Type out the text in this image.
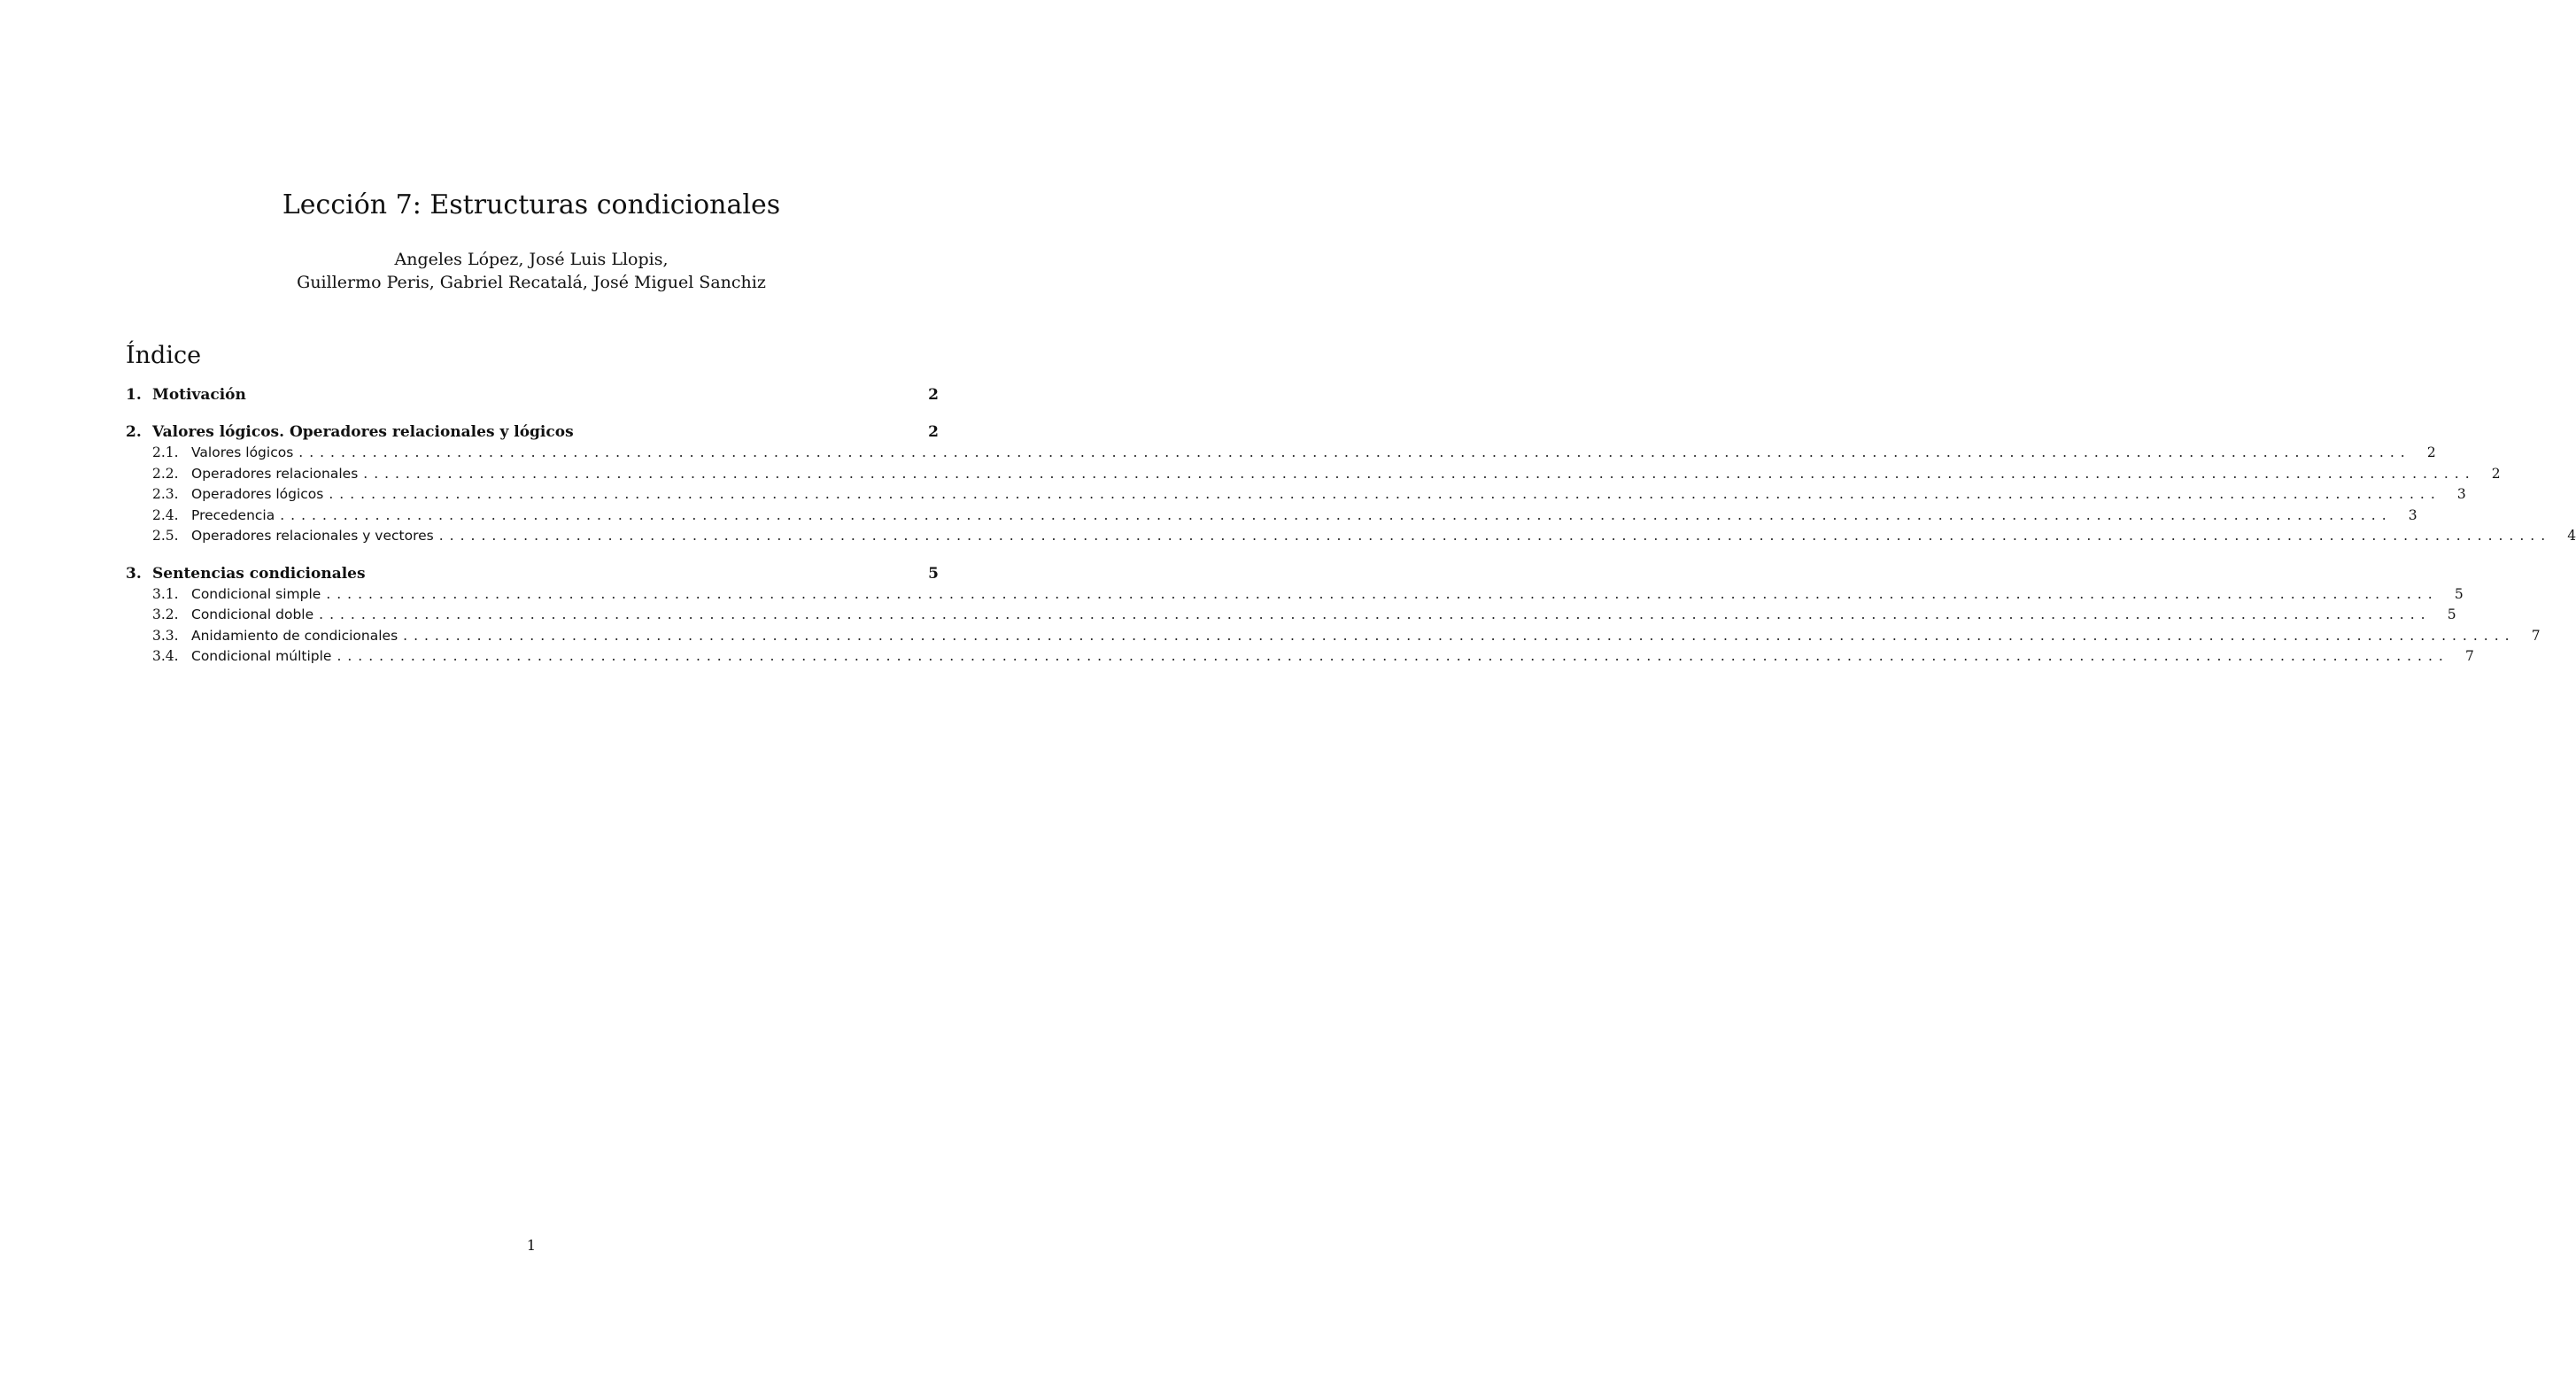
Lección 7: Estructuras condicionales
Angeles López, José Luis Llopis,
Guillermo Peris, Gabriel Recatalá, José Miguel Sanchiz
Índice
1. Motivación	2
2. Valores lógicos. Operadores relacionales y lógicos	2
2.1. Valores lógicos ........................................................................................................................................................................................................	2
2.2. Operadores relacionales ........................................................................................................................................................................................................	2
2.3. Operadores lógicos ........................................................................................................................................................................................................	3
2.4. Precedencia ........................................................................................................................................................................................................	3
2.5. Operadores relacionales y vectores ........................................................................................................................................................................................................	4
3. Sentencias condicionales	5
3.1. Condicional simple ........................................................................................................................................................................................................	5
3.2. Condicional doble ........................................................................................................................................................................................................	5
3.3. Anidamiento de condicionales ........................................................................................................................................................................................................	7
3.4. Condicional múltiple ........................................................................................................................................................................................................	7
1
